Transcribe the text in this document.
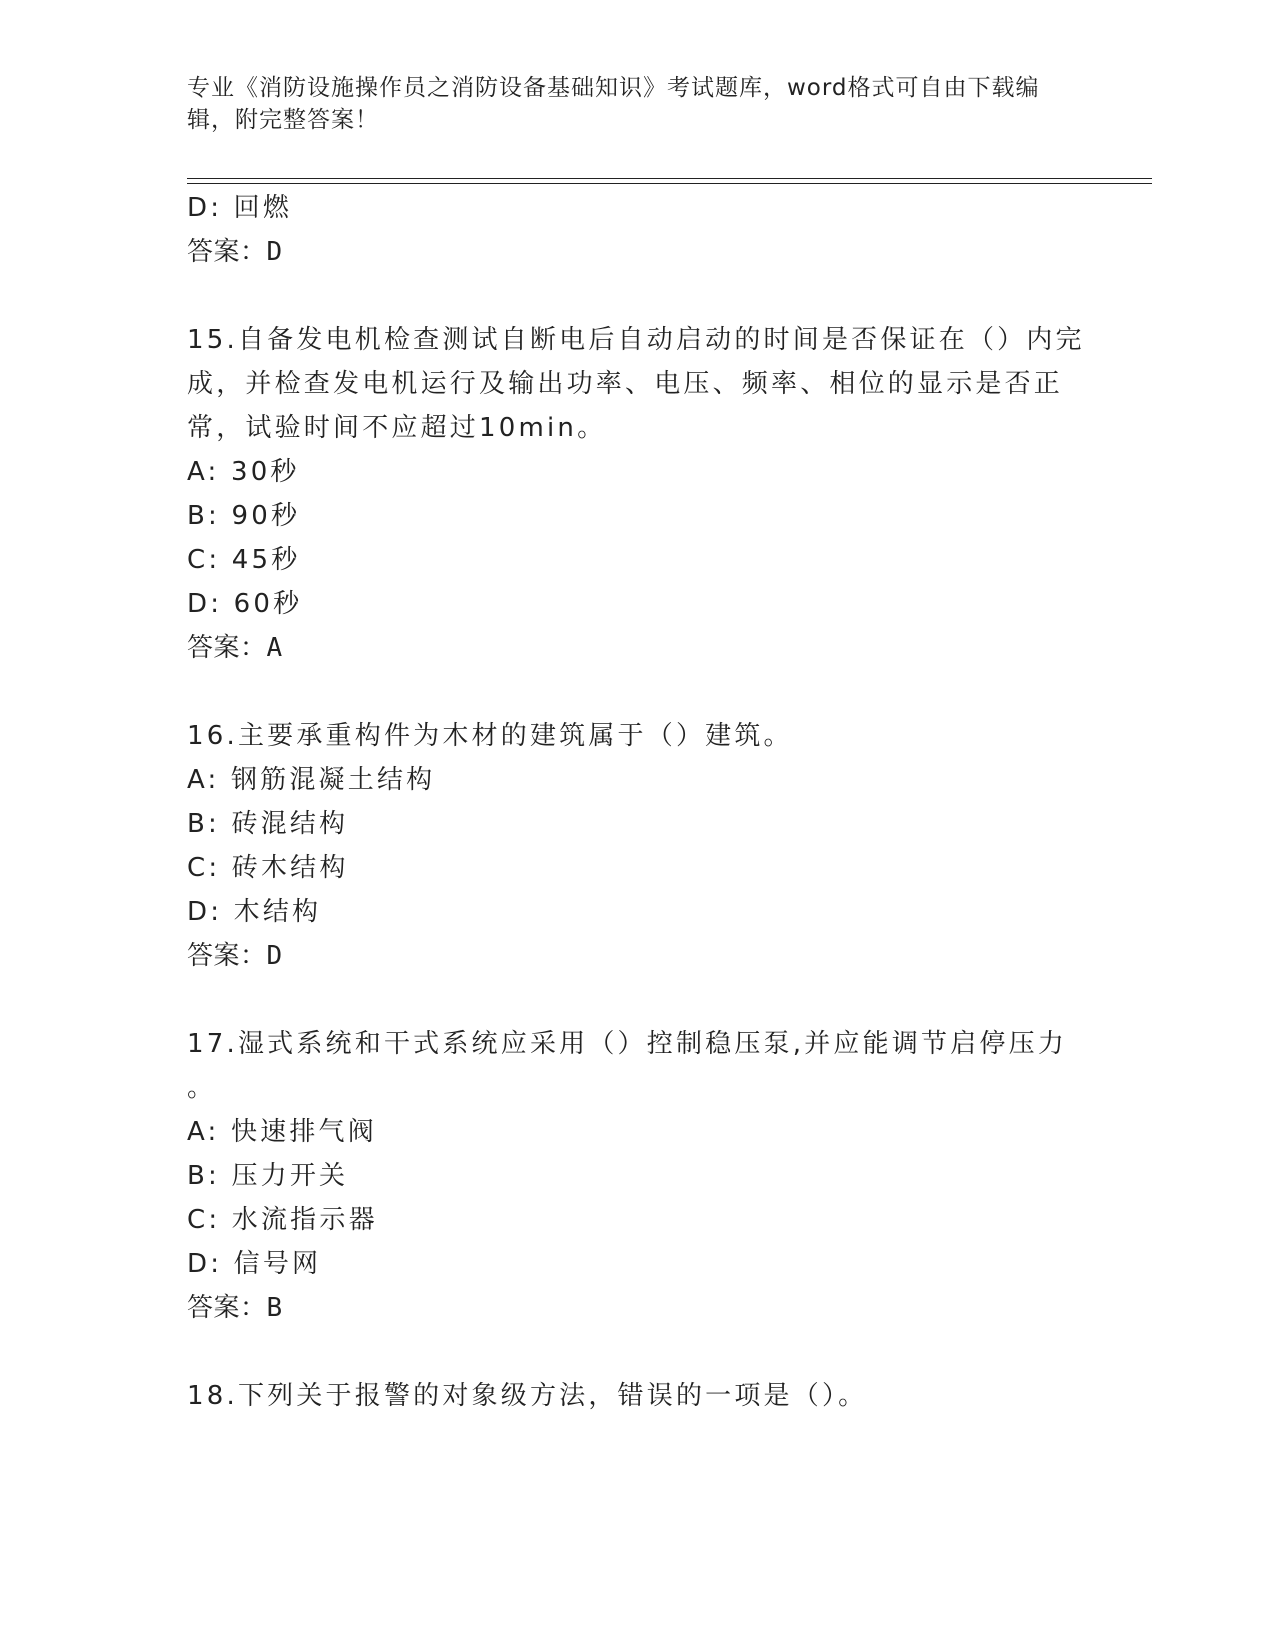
专业《消防设施操作员之消防设备基础知识》考试题库，word格式可自由下载编
辑，附完整答案！
D: 回燃
答案：D
15.自备发电机检查测试自断电后自动启动的时间是否保证在（）内完
成，并检查发电机运行及输出功率、电压、频率、相位的显示是否正
常，试验时间不应超过10min。
A: 30秒
B: 90秒
C: 45秒
D: 60秒
答案：A
16.主要承重构件为木材的建筑属于（）建筑。
A: 钢筋混凝土结构
B: 砖混结构
C: 砖木结构
D: 木结构
答案：D
17.湿式系统和干式系统应采用（）控制稳压泵,并应能调节启停压力
。
A: 快速排气阀
B: 压力开关
C: 水流指示器
D: 信号网
答案：B
18.下列关于报警的对象级方法，错误的一项是（）。
